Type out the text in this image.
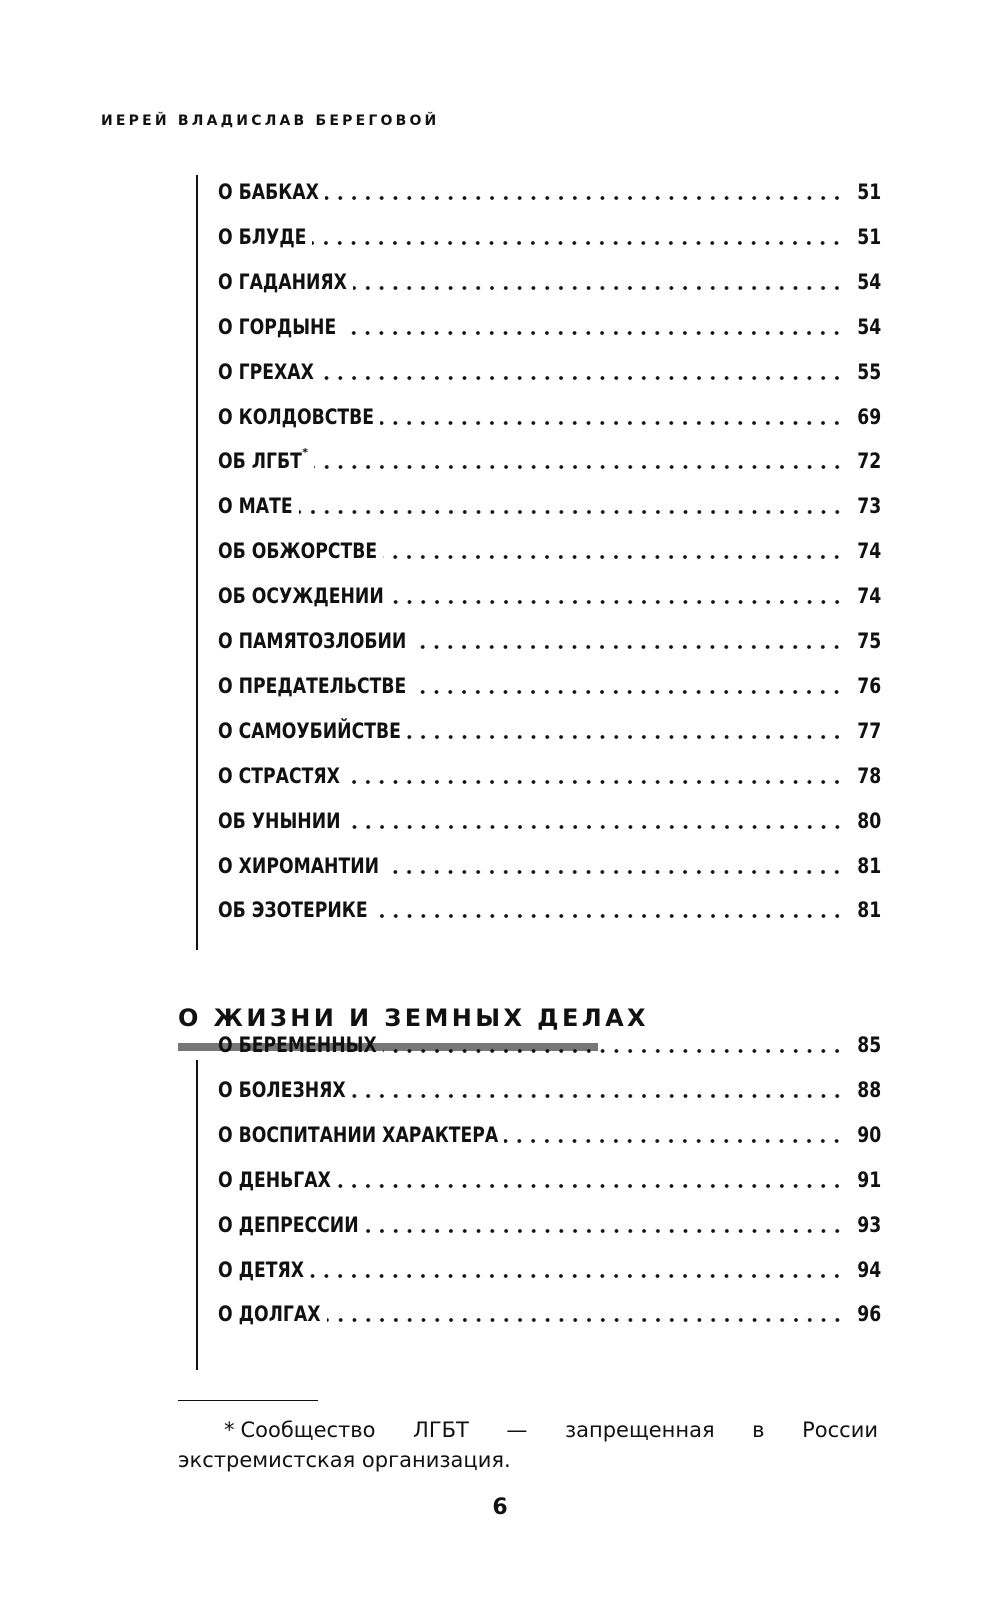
ИЕРЕЙ ВЛАДИСЛАВ БЕРЕГОВОЙ
О БАБКАХ	51
О БЛУДЕ	51
О ГАДАНИЯХ	54
О ГОРДЫНЕ	54
О ГРЕХАХ	55
О КОЛДОВСТВЕ	69
ОБ ЛГБТ*	72
О МАТЕ	73
ОБ ОБЖОРСТВЕ	74
ОБ ОСУЖДЕНИИ	74
О ПАМЯТОЗЛОБИИ	75
О ПРЕДАТЕЛЬСТВЕ	76
О САМОУБИЙСТВЕ	77
О СТРАСТЯХ	78
ОБ УНЫНИИ	80
О ХИРОМАНТИИ	81
ОБ ЭЗОТЕРИКЕ	81
О ЖИЗНИ И ЗЕМНЫХ ДЕЛАХ
О БЕРЕМЕННЫХ	85
О БОЛЕЗНЯХ	88
О ВОСПИТАНИИ ХАРАКТЕРА	90
О ДЕНЬГАХ	91
О ДЕПРЕССИИ	93
О ДЕТЯХ	94
О ДОЛГАХ	96
* Сообщество ЛГБТ — запрещенная в России экстремистская организация.
6
